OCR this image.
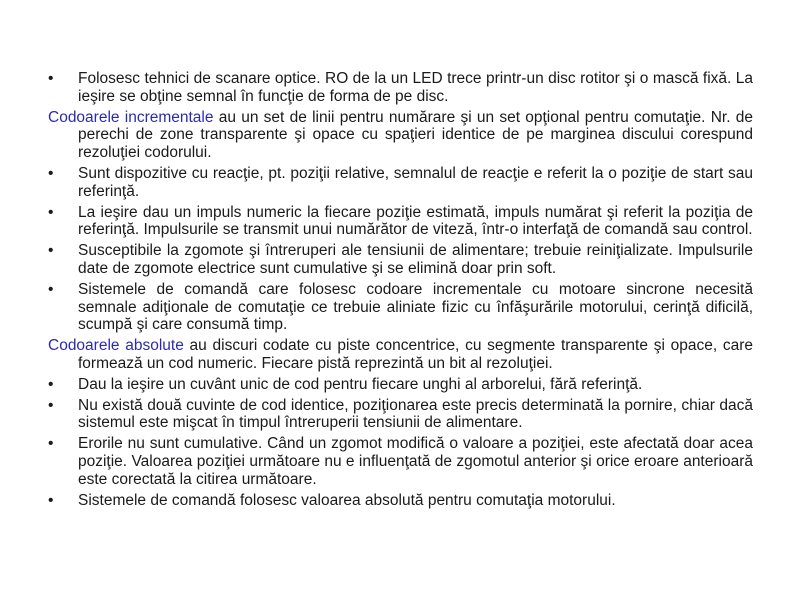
•	Folosesc tehnici de scanare optice. RO de la un LED trece printr-un disc rotitor şi o mască fixă. La ieşire se obţine semnal în funcţie de forma de pe disc.
Codoarele incrementale au un set de linii pentru numărare şi un set opţional pentru comutaţie. Nr. de perechi de zone transparente şi opace cu spaţieri identice de pe marginea discului corespund rezoluţiei codorului.
•	Sunt dispozitive cu reacţie, pt. poziţii relative, semnalul de reacţie e referit la o poziţie de start sau referinţă.
•	La ieşire dau un impuls numeric la fiecare poziţie estimată, impuls numărat şi referit la poziţia de referinţă. Impulsurile se transmit unui numărător de viteză, într-o interfaţă de comandă sau control.
•	Susceptibile la zgomote şi întreruperi ale tensiunii de alimentare; trebuie reiniţializate. Impulsurile date de zgomote electrice sunt cumulative şi se elimină doar prin soft.
•	Sistemele de comandă care folosesc codoare incrementale cu motoare sincrone necesită semnale adiţionale de comutaţie ce trebuie aliniate fizic cu înfăşurările motorului, cerinţă dificilă, scumpă şi care consumă timp.
Codoarele absolute au discuri codate cu piste concentrice, cu segmente transparente şi opace, care formează un cod numeric. Fiecare pistă reprezintă un bit al rezoluţiei.
•	Dau la ieşire un cuvânt unic de cod pentru fiecare unghi al arborelui, fără referinţă.
•	Nu există două cuvinte de cod identice, poziţionarea este precis determinată la pornire, chiar dacă sistemul este mişcat în timpul întreruperii tensiunii de alimentare.
•	Erorile nu sunt cumulative. Când un zgomot modifică o valoare a poziţiei, este afectată doar acea poziţie. Valoarea poziţiei următoare nu e influenţată de zgomotul anterior şi orice eroare anterioară este corectată la citirea următoare.
•	Sistemele de comandă folosesc valoarea absolută pentru comutaţia motorului.
